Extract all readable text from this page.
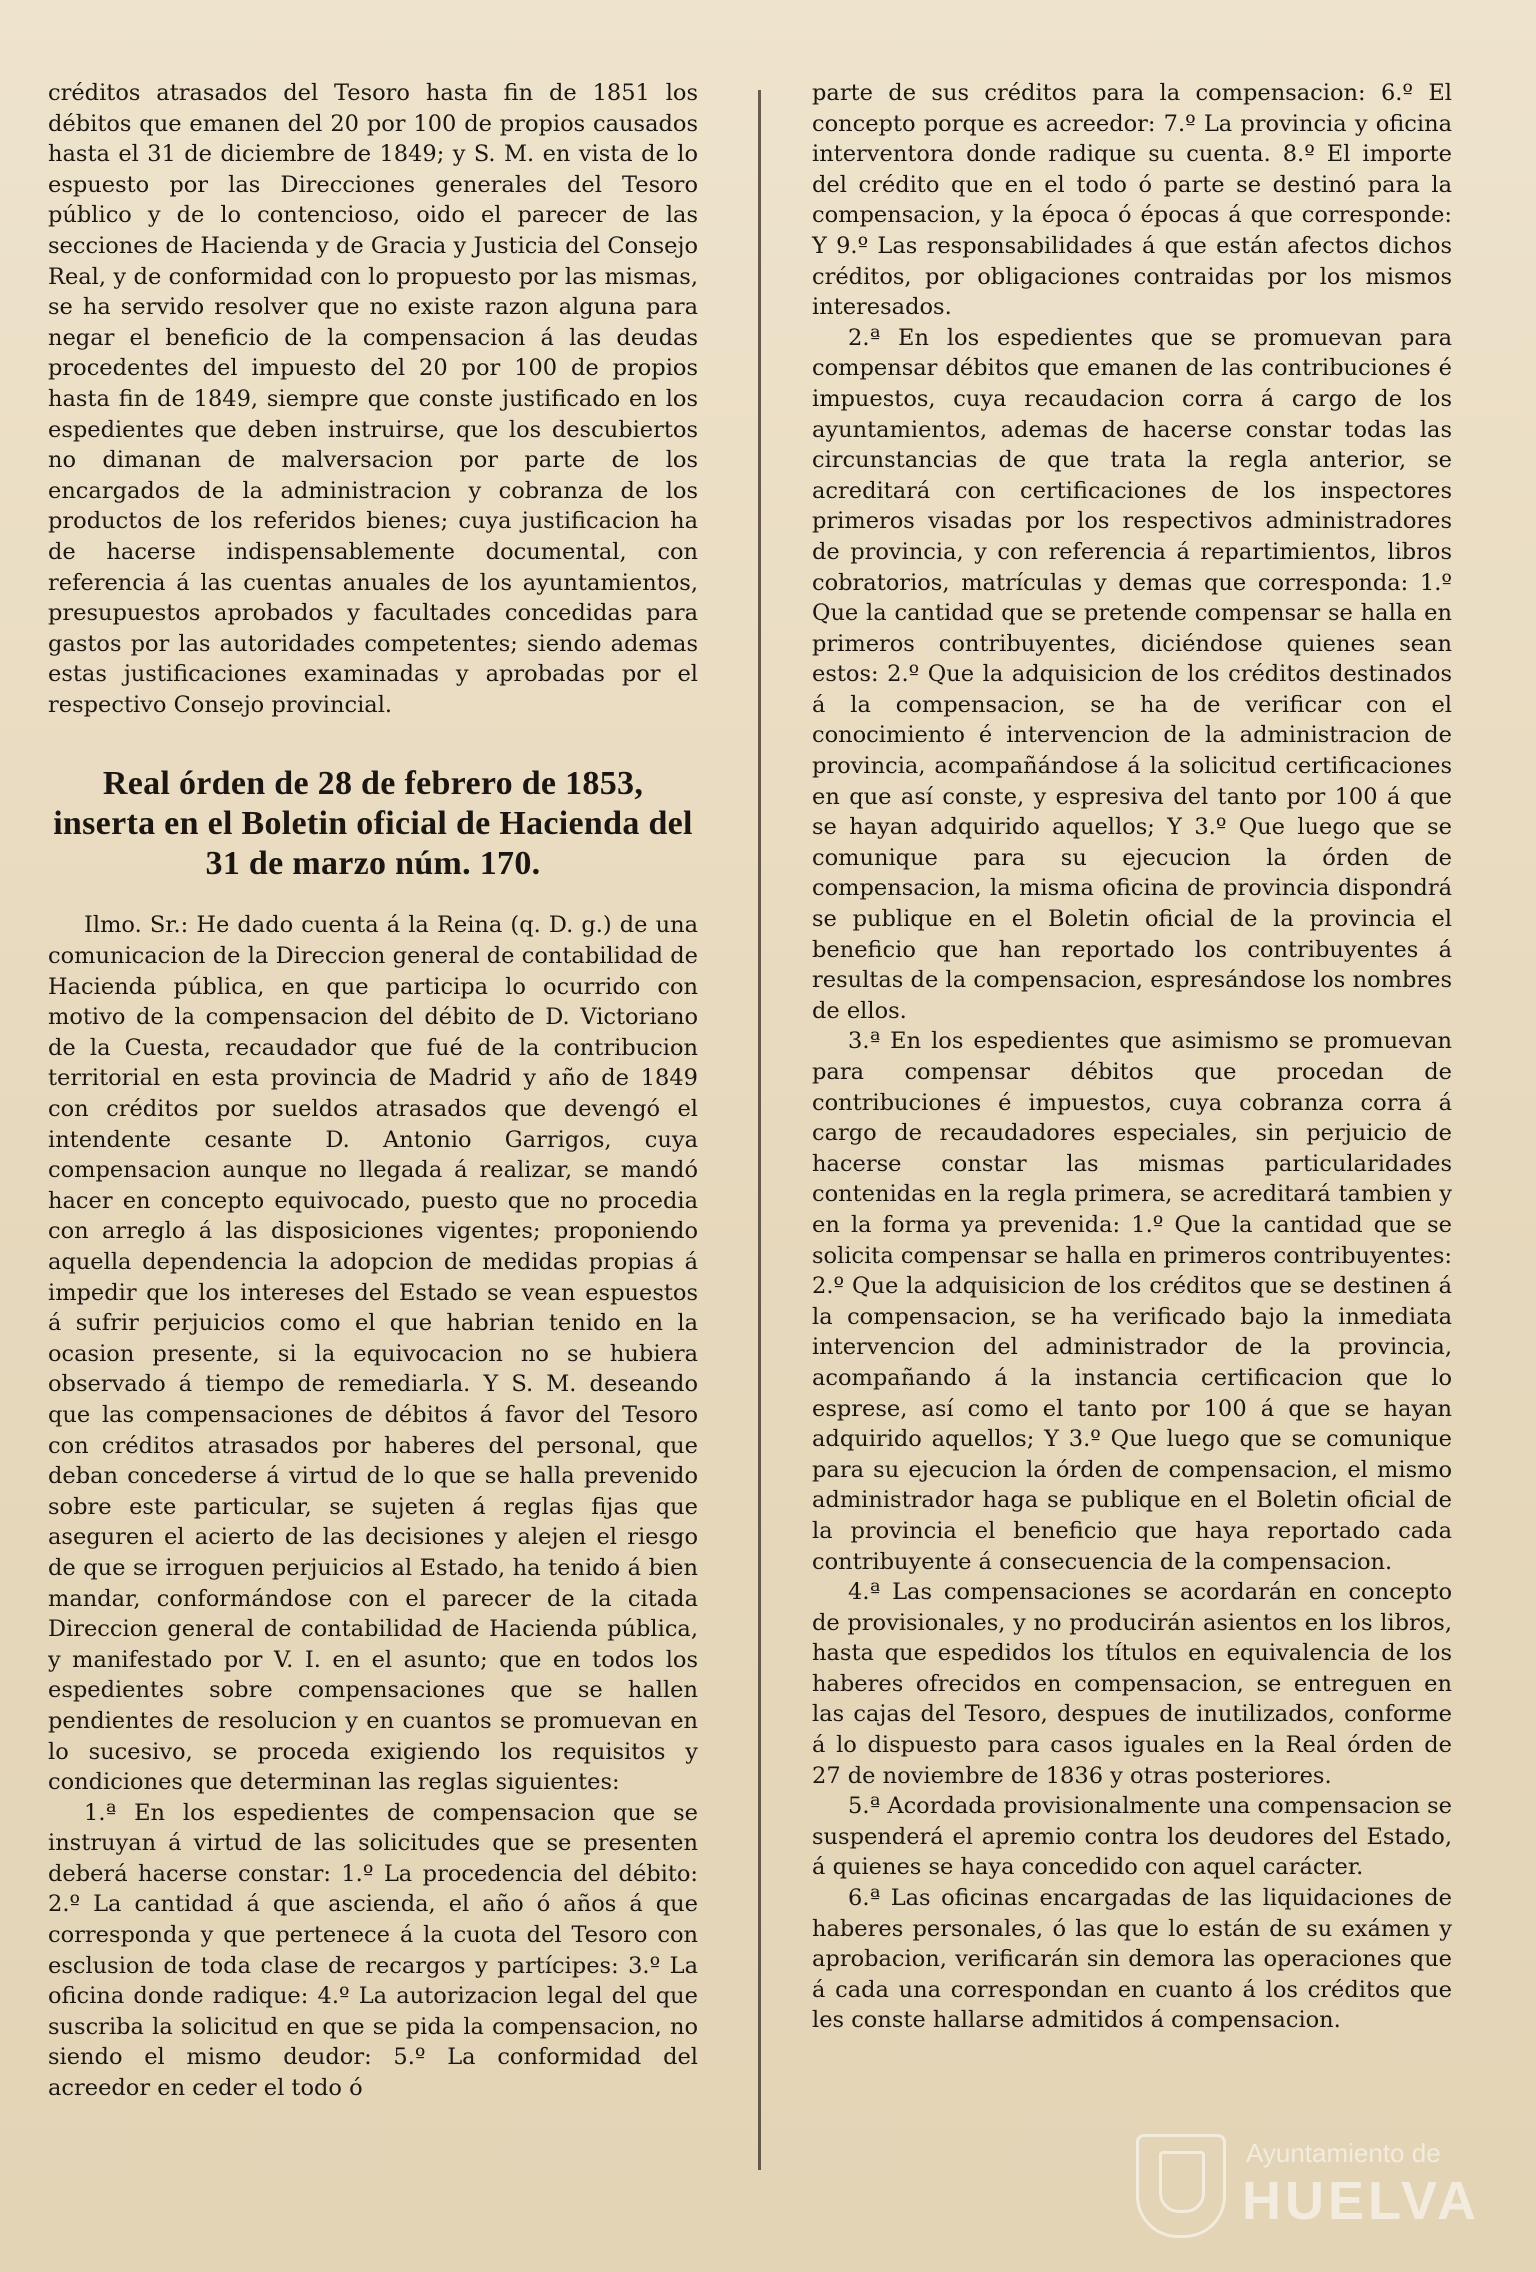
créditos atrasados del Tesoro hasta fin de 1851 los débitos que emanen del 20 por 100 de propios causados hasta el 31 de diciembre de 1849; y S. M. en vista de lo espuesto por las Direcciones generales del Tesoro público y de lo contencioso, oido el parecer de las secciones de Hacienda y de Gracia y Justicia del Consejo Real, y de conformidad con lo propuesto por las mismas, se ha servido resolver que no existe razon alguna para negar el beneficio de la compensacion á las deudas procedentes del impuesto del 20 por 100 de propios hasta fin de 1849, siempre que conste justificado en los espedientes que deben instruirse, que los descubiertos no dimanan de malversacion por parte de los encargados de la administracion y cobranza de los productos de los referidos bienes; cuya justificacion ha de hacerse indispensablemente documental, con referencia á las cuentas anuales de los ayuntamientos, presupuestos aprobados y facultades concedidas para gastos por las autoridades competentes; siendo ademas estas justificaciones examinadas y aprobadas por el respectivo Consejo provincial.

Real órden de 28 de febrero de 1853, inserta en el Boletin oficial de Hacienda del 31 de marzo núm. 170.

Ilmo. Sr.: He dado cuenta á la Reina (q. D. g.) de una comunicacion de la Direccion general de contabilidad de Hacienda pública, en que participa lo ocurrido con motivo de la compensacion del débito de D. Victoriano de la Cuesta, recaudador que fué de la contribucion territorial en esta provincia de Madrid y año de 1849 con créditos por sueldos atrasados que devengó el intendente cesante D. Antonio Garrigos, cuya compensacion aunque no llegada á realizar, se mandó hacer en concepto equivocado, puesto que no procedia con arreglo á las disposiciones vigentes; proponiendo aquella dependencia la adopcion de medidas propias á impedir que los intereses del Estado se vean espuestos á sufrir perjuicios como el que habrian tenido en la ocasion presente, si la equivocacion no se hubiera observado á tiempo de remediarla. Y S. M. deseando que las compensaciones de débitos á favor del Tesoro con créditos atrasados por haberes del personal, que deban concederse á virtud de lo que se halla prevenido sobre este particular, se sujeten á reglas fijas que aseguren el acierto de las decisiones y alejen el riesgo de que se irroguen perjuicios al Estado, ha tenido á bien mandar, conformándose con el parecer de la citada Direccion general de contabilidad de Hacienda pública, y manifestado por V. I. en el asunto; que en todos los espedientes sobre compensaciones que se hallen pendientes de resolucion y en cuantos se promuevan en lo sucesivo, se proceda exigiendo los requisitos y condiciones que determinan las reglas siguientes:

1.ª En los espedientes de compensacion que se instruyan á virtud de las solicitudes que se presenten deberá hacerse constar: 1.º La procedencia del débito: 2.º La cantidad á que ascienda, el año ó años á que corresponda y que pertenece á la cuota del Tesoro con esclusion de toda clase de recargos y partícipes: 3.º La oficina donde radique: 4.º La autorizacion legal del que suscriba la solicitud en que se pida la compensacion, no siendo el mismo deudor: 5.º La conformidad del acreedor en ceder el todo ó

parte de sus créditos para la compensacion: 6.º El concepto porque es acreedor: 7.º La provincia y oficina interventora donde radique su cuenta. 8.º El importe del crédito que en el todo ó parte se destinó para la compensacion, y la época ó épocas á que corresponde: Y 9.º Las responsabilidades á que están afectos dichos créditos, por obligaciones contraidas por los mismos interesados.

2.ª En los espedientes que se promuevan para compensar débitos que emanen de las contribuciones é impuestos, cuya recaudacion corra á cargo de los ayuntamientos, ademas de hacerse constar todas las circunstancias de que trata la regla anterior, se acreditará con certificaciones de los inspectores primeros visadas por los respectivos administradores de provincia, y con referencia á repartimientos, libros cobratorios, matrículas y demas que corresponda: 1.º Que la cantidad que se pretende compensar se halla en primeros contribuyentes, diciéndose quienes sean estos: 2.º Que la adquisicion de los créditos destinados á la compensacion, se ha de verificar con el conocimiento é intervencion de la administracion de provincia, acompañándose á la solicitud certificaciones en que así conste, y espresiva del tanto por 100 á que se hayan adquirido aquellos; Y 3.º Que luego que se comunique para su ejecucion la órden de compensacion, la misma oficina de provincia dispondrá se publique en el Boletin oficial de la provincia el beneficio que han reportado los contribuyentes á resultas de la compensacion, espresándose los nombres de ellos.

3.ª En los espedientes que asimismo se promuevan para compensar débitos que procedan de contribuciones é impuestos, cuya cobranza corra á cargo de recaudadores especiales, sin perjuicio de hacerse constar las mismas particularidades contenidas en la regla primera, se acreditará tambien y en la forma ya prevenida: 1.º Que la cantidad que se solicita compensar se halla en primeros contribuyentes: 2.º Que la adquisicion de los créditos que se destinen á la compensacion, se ha verificado bajo la inmediata intervencion del administrador de la provincia, acompañando á la instancia certificacion que lo esprese, así como el tanto por 100 á que se hayan adquirido aquellos; Y 3.º Que luego que se comunique para su ejecucion la órden de compensacion, el mismo administrador haga se publique en el Boletin oficial de la provincia el beneficio que haya reportado cada contribuyente á consecuencia de la compensacion.

4.ª Las compensaciones se acordarán en concepto de provisionales, y no producirán asientos en los libros, hasta que espedidos los títulos en equivalencia de los haberes ofrecidos en compensacion, se entreguen en las cajas del Tesoro, despues de inutilizados, conforme á lo dispuesto para casos iguales en la Real órden de 27 de noviembre de 1836 y otras posteriores.

5.ª Acordada provisionalmente una compensacion se suspenderá el apremio contra los deudores del Estado, á quienes se haya concedido con aquel carácter.

6.ª Las oficinas encargadas de las liquidaciones de haberes personales, ó las que lo están de su exámen y aprobacion, verificarán sin demora las operaciones que á cada una correspondan en cuanto á los créditos que les conste hallarse admitidos á compensacion.

Ayuntamiento de
HUELVA
